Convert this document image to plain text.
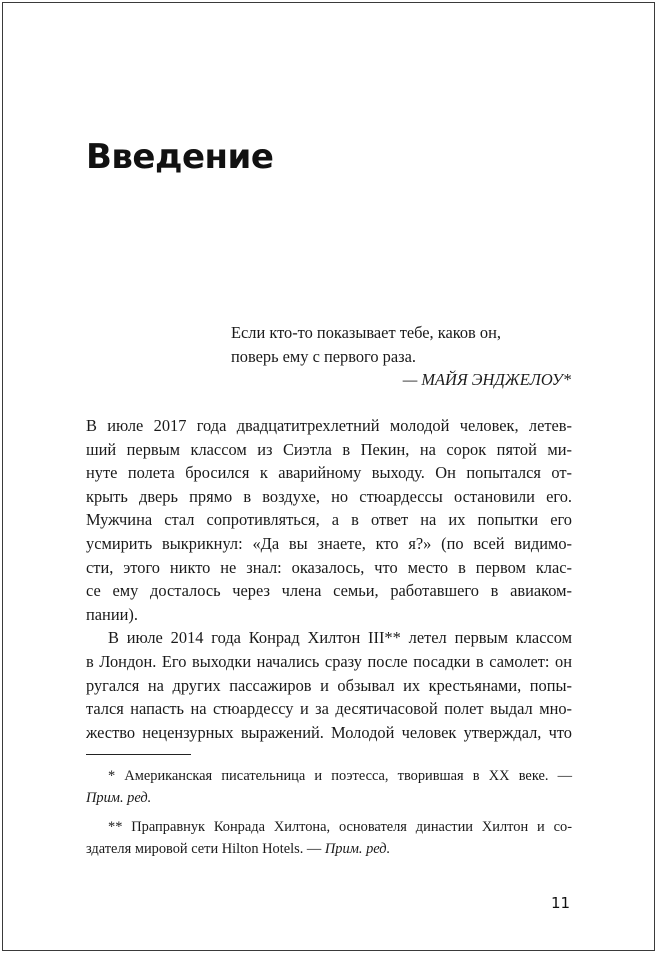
Введение
Если кто-то показывает тебе, каков он,
поверь ему с первого раза.
— МАЙЯ ЭНДЖЕЛОУ*
В июле 2017 года двадцатитрехлетний молодой человек, летев-
ший первым классом из Сиэтла в Пекин, на сорок пятой ми-
нуте полета бросился к аварийному выходу. Он попытался от-
крыть дверь прямо в воздухе, но стюардессы остановили его.
Мужчина стал сопротивляться, а в ответ на их попытки его
усмирить выкрикнул: «Да вы знаете, кто я?» (по всей видимо-
сти, этого никто не знал: оказалось, что место в первом клас-
се ему досталось через члена семьи, работавшего в авиаком-
пании).
В июле 2014 года Конрад Хилтон III** летел первым классом
в Лондон. Его выходки начались сразу после посадки в самолет: он
ругался на других пассажиров и обзывал их крестьянами, попы-
тался напасть на стюардессу и за десятичасовой полет выдал мно-
жество нецензурных выражений. Молодой человек утверждал, что
* Американская писательница и поэтесса, творившая в XX веке. —
Прим. ред.
** Праправнук Конрада Хилтона, основателя династии Хилтон и со-
здателя мировой сети Hilton Hotels. — Прим. ред.
11
